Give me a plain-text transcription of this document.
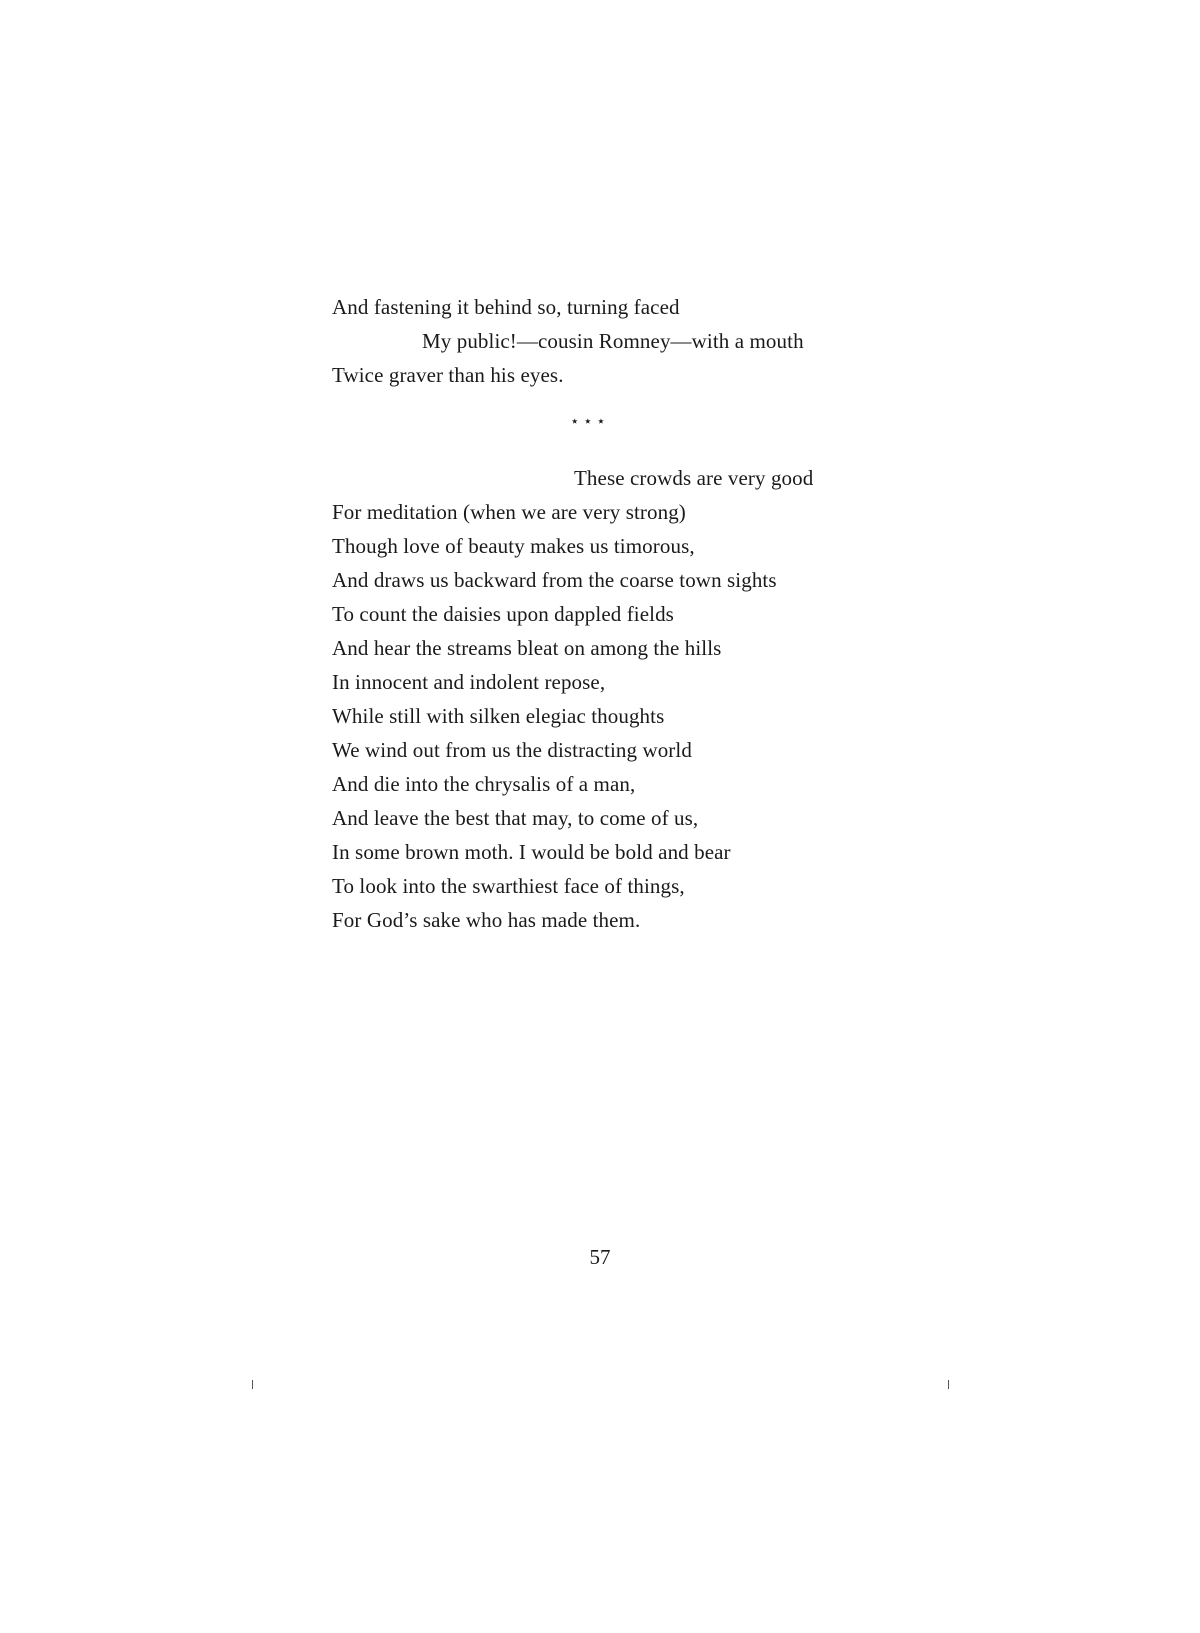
And fastening it behind so, turning faced
My public!—cousin Romney—with a mouth
Twice graver than his eyes.
⋆ ⋆ ⋆
These crowds are very good
For meditation (when we are very strong)
Though love of beauty makes us timorous,
And draws us backward from the coarse town sights
To count the daisies upon dappled fields
And hear the streams bleat on among the hills
In innocent and indolent repose,
While still with silken elegiac thoughts
We wind out from us the distracting world
And die into the chrysalis of a man,
And leave the best that may, to come of us,
In some brown moth. I would be bold and bear
To look into the swarthiest face of things,
For God’s sake who has made them.
57
